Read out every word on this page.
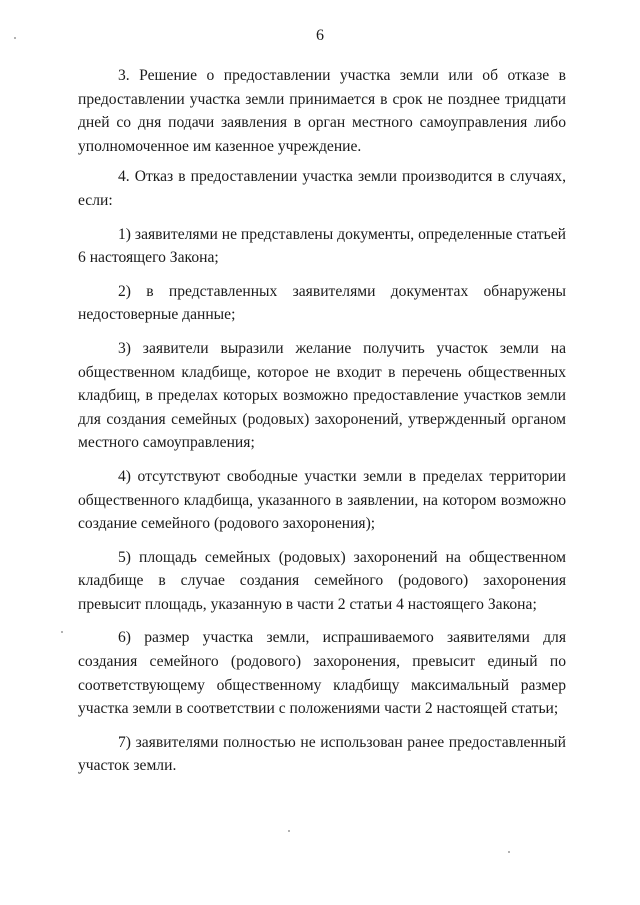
6

3. Решение о предоставлении участка земли или об отказе в предоставлении участка земли принимается в срок не позднее тридцати дней со дня подачи заявления в орган местного самоуправления либо уполномоченное им казенное учреждение.

4. Отказ в предоставлении участка земли производится в случаях, если:

1) заявителями не представлены документы, определенные статьей 6 настоящего Закона;

2) в представленных заявителями документах обнаружены недостоверные данные;

3) заявители выразили желание получить участок земли на общественном кладбище, которое не входит в перечень общественных кладбищ, в пределах которых возможно предоставление участков земли для создания семейных (родовых) захоронений, утвержденный органом местного самоуправления;

4) отсутствуют свободные участки земли в пределах территории общественного кладбища, указанного в заявлении, на котором возможно создание семейного (родового захоронения);

5) площадь семейных (родовых) захоронений на общественном кладбище в случае создания семейного (родового) захоронения превысит площадь, указанную в части 2 статьи 4 настоящего Закона;

6) размер участка земли, испрашиваемого заявителями для создания семейного (родового) захоронения, превысит единый по соответствующему общественному кладбищу максимальный размер участка земли в соответствии с положениями части 2 настоящей статьи;

7) заявителями полностью не использован ранее предоставленный участок земли.
